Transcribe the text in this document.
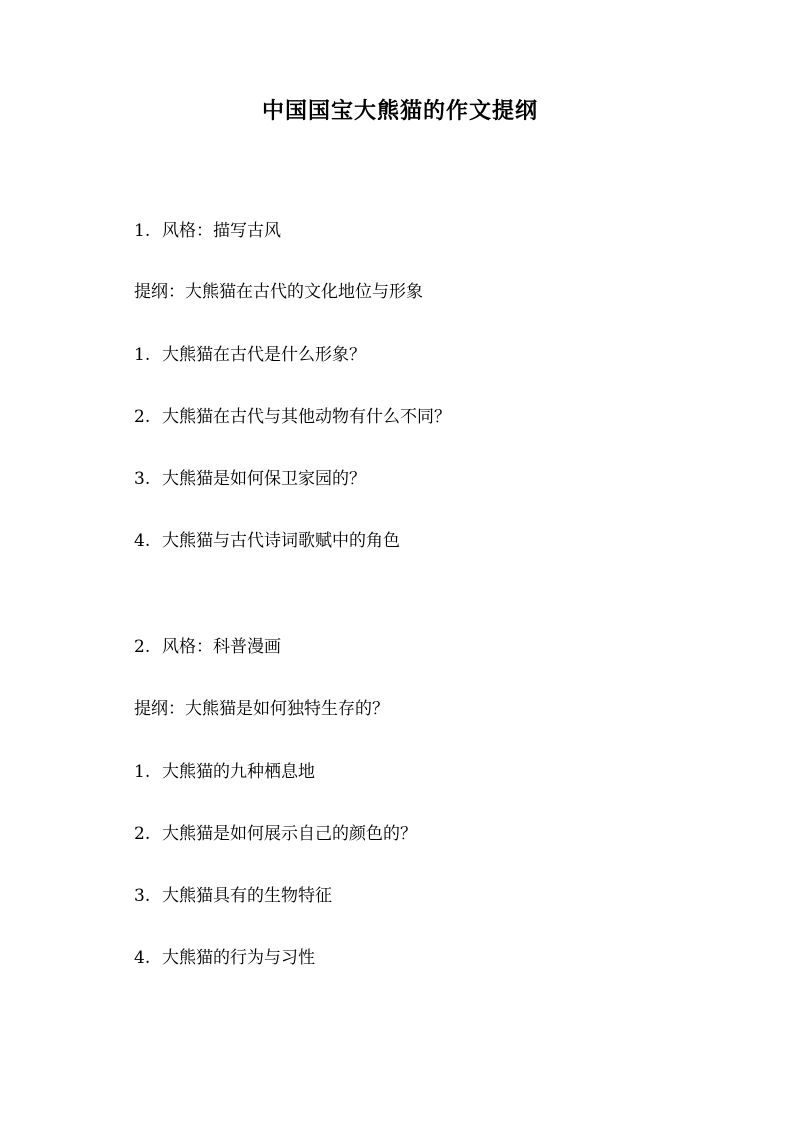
中国国宝大熊猫的作文提纲
1. 风格：描写古风
提纲：大熊猫在古代的文化地位与形象
1. 大熊猫在古代是什么形象？
2. 大熊猫在古代与其他动物有什么不同？
3. 大熊猫是如何保卫家园的？
4. 大熊猫与古代诗词歌赋中的角色
2. 风格：科普漫画
提纲：大熊猫是如何独特生存的？
1. 大熊猫的九种栖息地
2. 大熊猫是如何展示自己的颜色的？
3. 大熊猫具有的生物特征
4. 大熊猫的行为与习性
